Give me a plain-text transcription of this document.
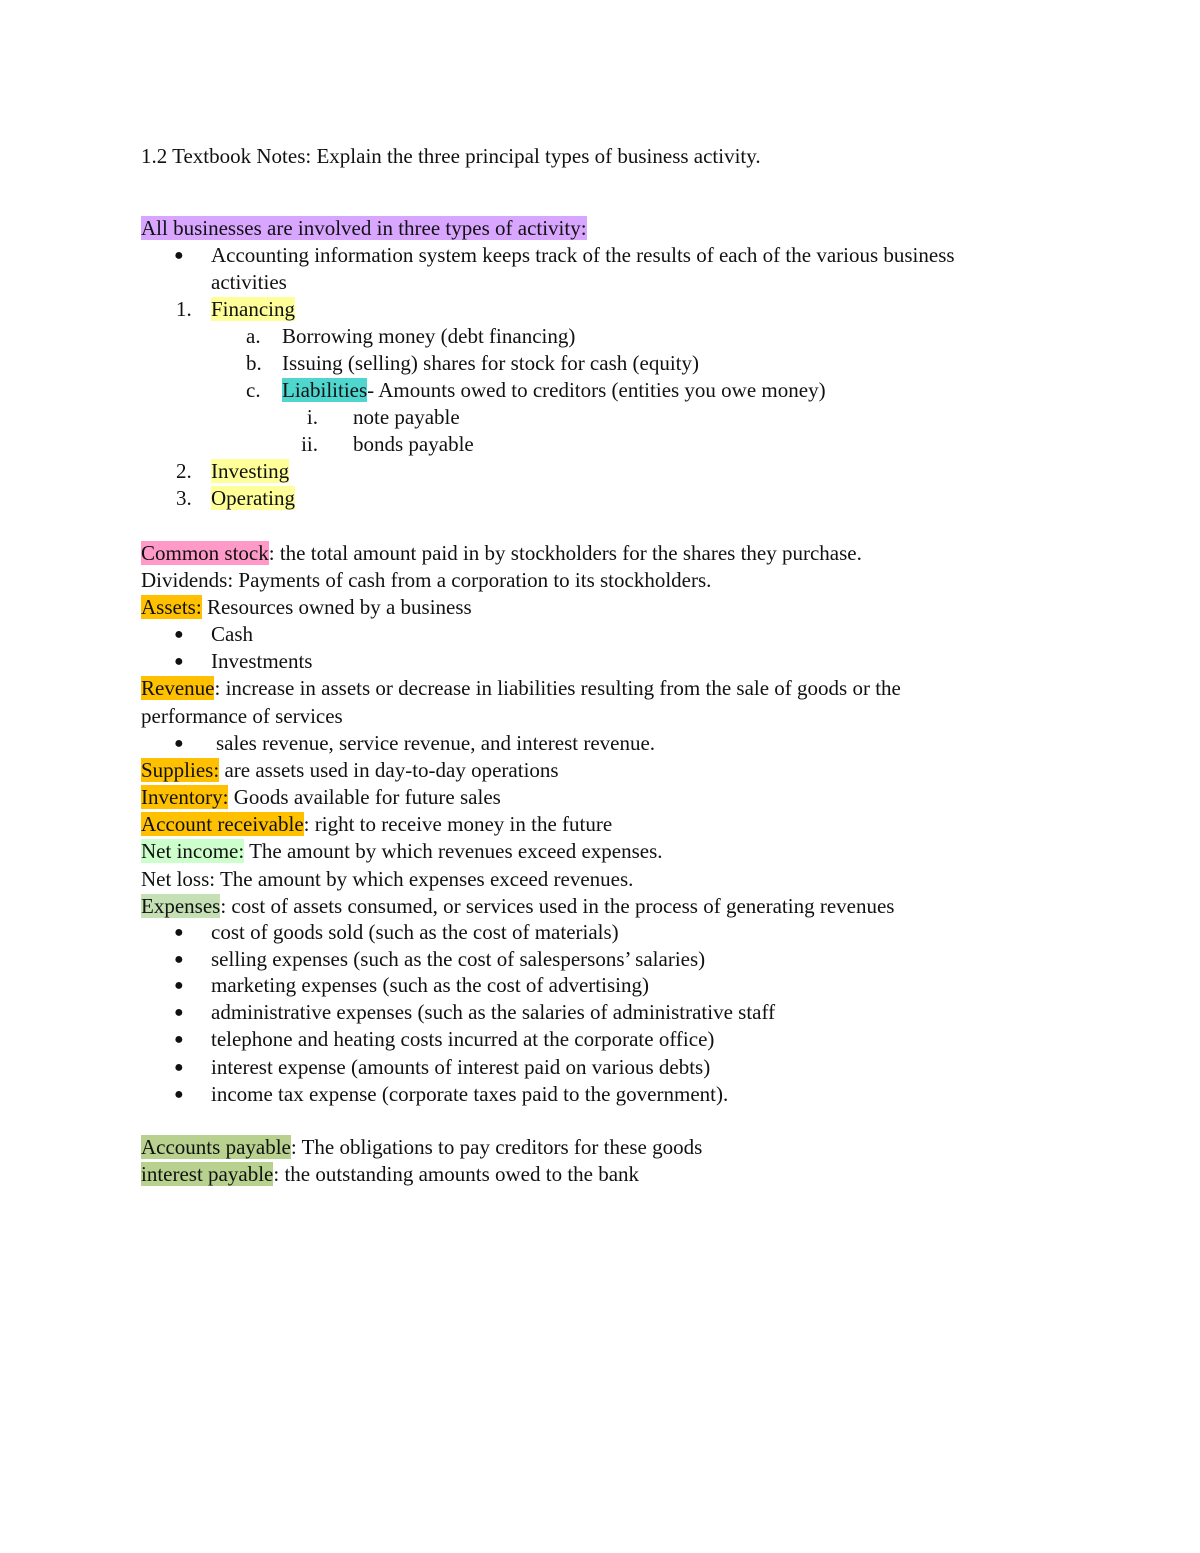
1.2 Textbook Notes: Explain the three principal types of business activity.
All businesses are involved in three types of activity:
● Accounting information system keeps track of the results of each of the various business
activities
1. Financing
a. Borrowing money (debt financing)
b. Issuing (selling) shares for stock for cash (equity)
c. Liabilities- Amounts owed to creditors (entities you owe money)
i. note payable
ii. bonds payable
2. Investing
3. Operating
Common stock: the total amount paid in by stockholders for the shares they purchase.
Dividends: Payments of cash from a corporation to its stockholders.
Assets: Resources owned by a business
● Cash
● Investments
Revenue: increase in assets or decrease in liabilities resulting from the sale of goods or the
performance of services
● sales revenue, service revenue, and interest revenue.
Supplies: are assets used in day-to-day operations
Inventory: Goods available for future sales
Account receivable: right to receive money in the future
Net income: The amount by which revenues exceed expenses.
Net loss: The amount by which expenses exceed revenues.
Expenses: cost of assets consumed, or services used in the process of generating revenues
● cost of goods sold (such as the cost of materials)
● selling expenses (such as the cost of salespersons’ salaries)
● marketing expenses (such as the cost of advertising)
● administrative expenses (such as the salaries of administrative staff
● telephone and heating costs incurred at the corporate office)
● interest expense (amounts of interest paid on various debts)
● income tax expense (corporate taxes paid to the government).
Accounts payable: The obligations to pay creditors for these goods
interest payable: the outstanding amounts owed to the bank
